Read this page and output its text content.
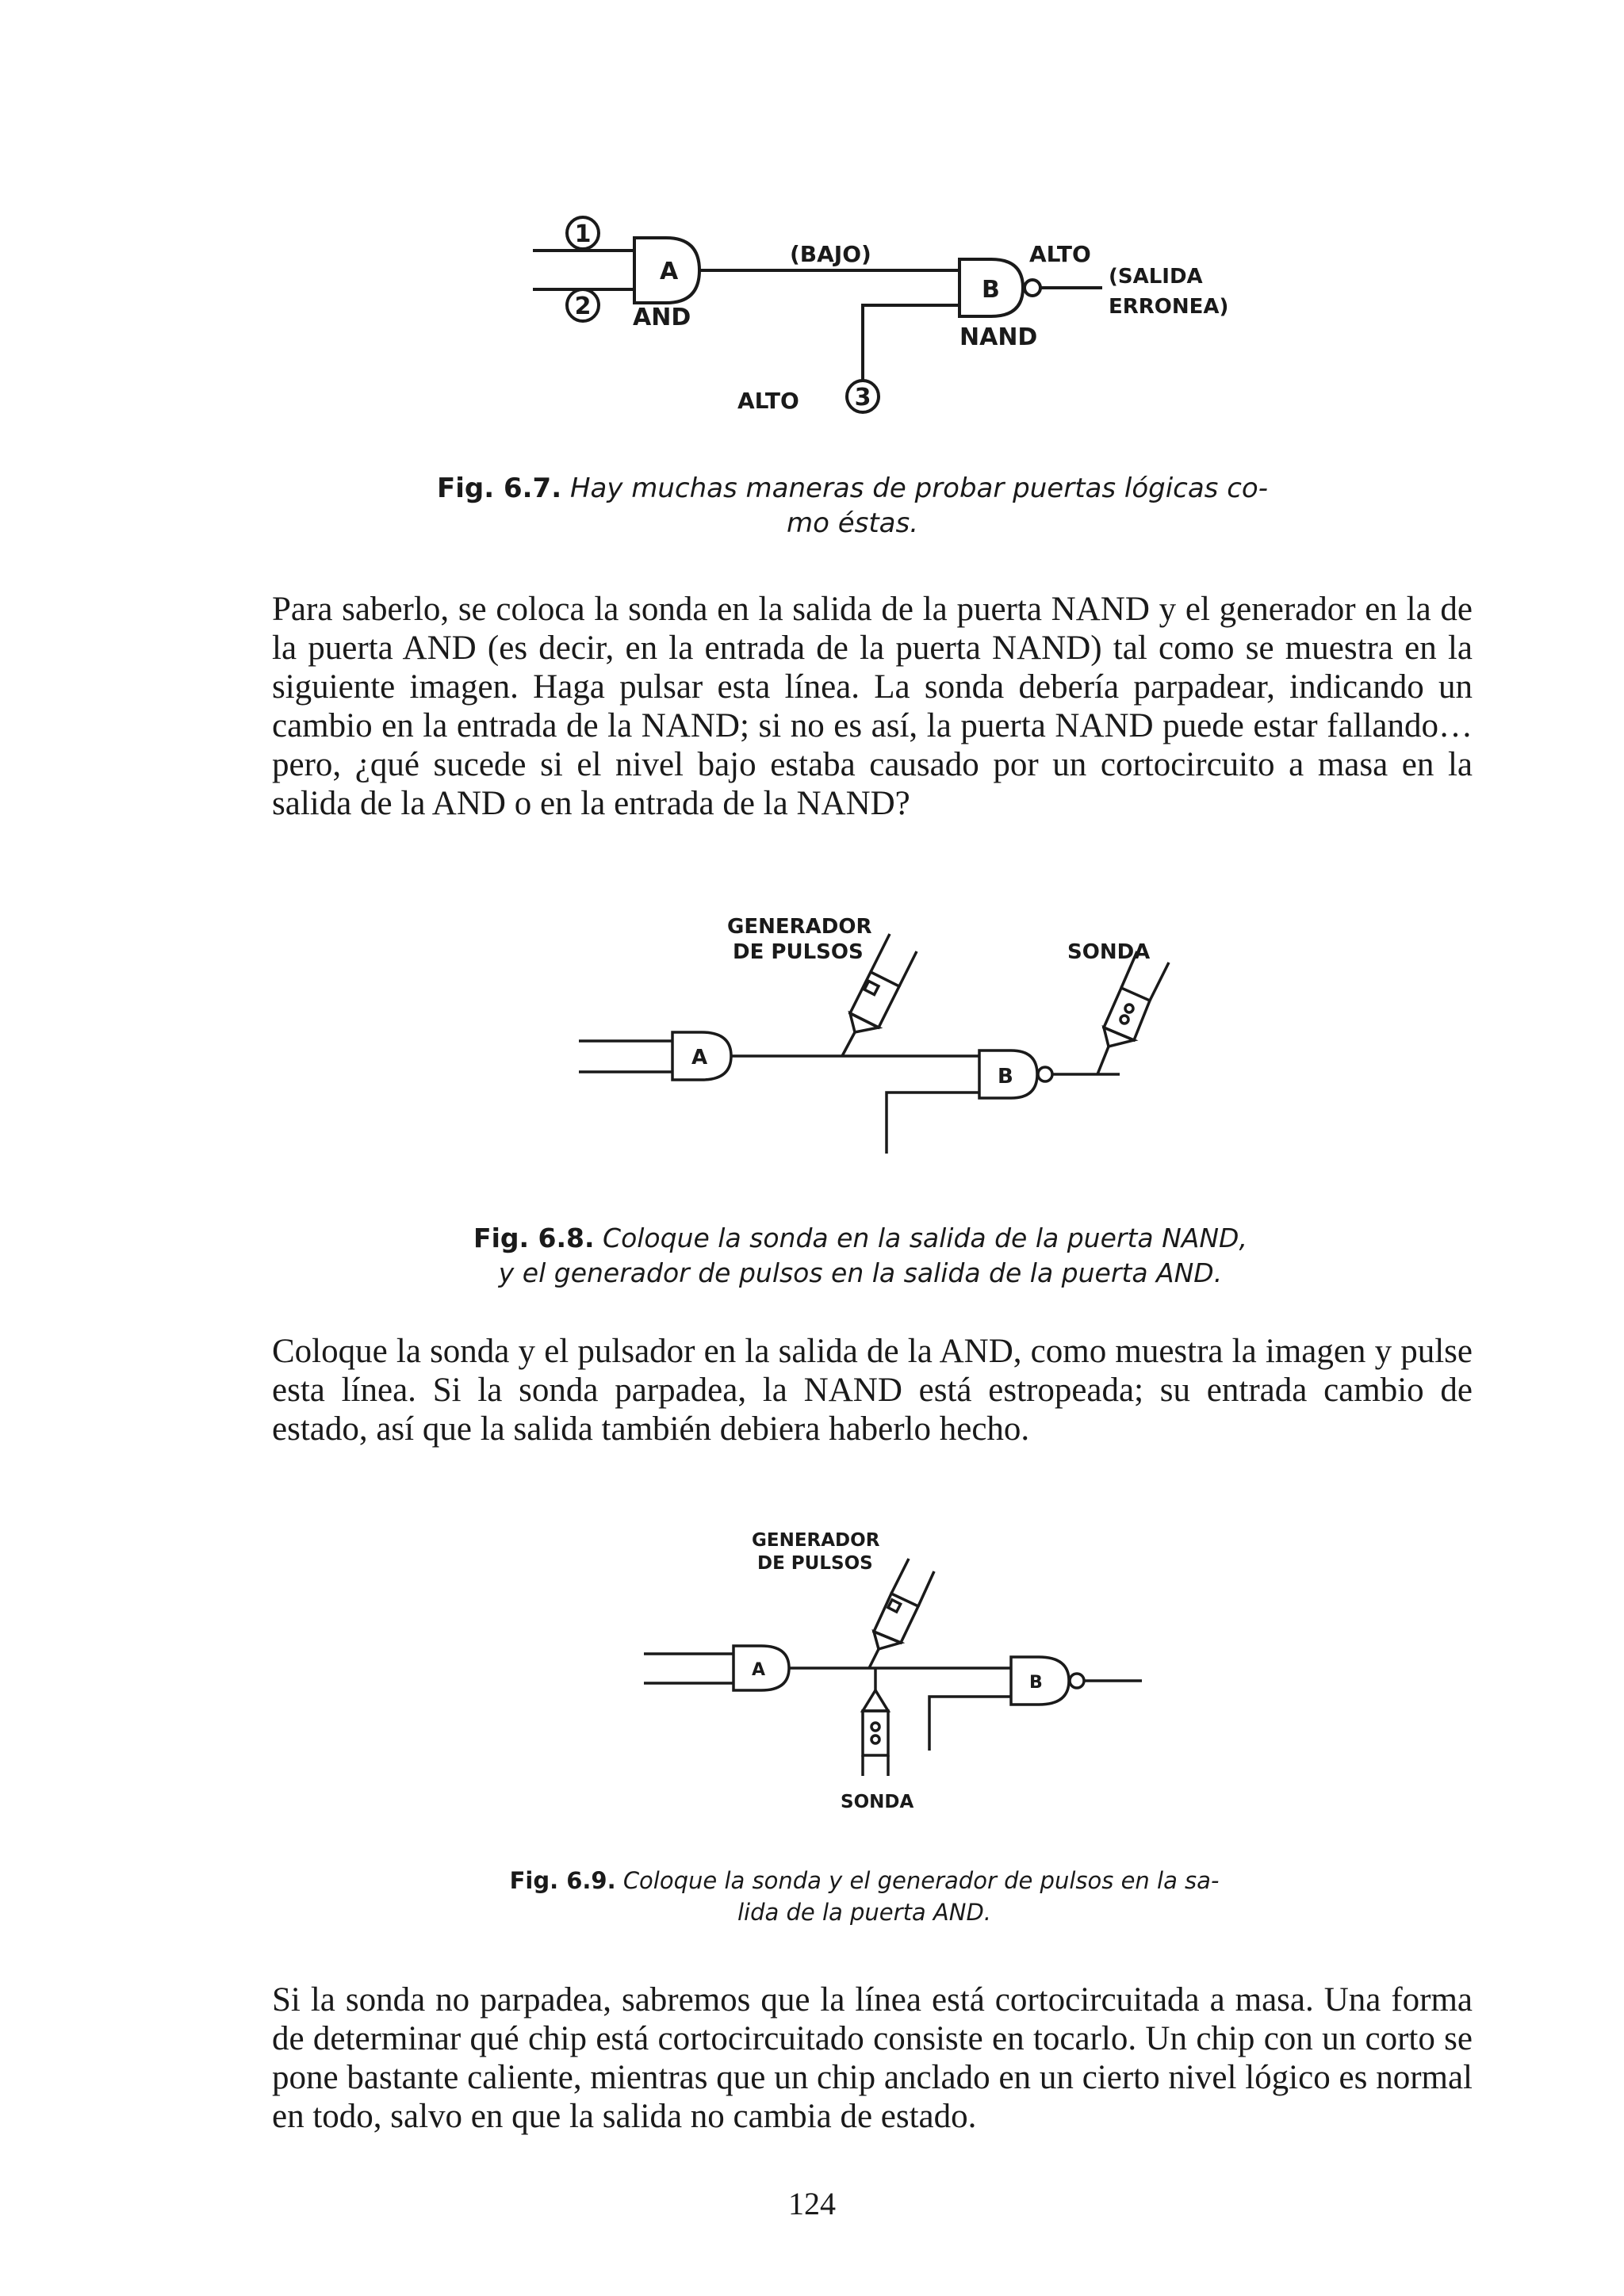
1
2
A
AND
(BAJO)
3
ALTO
B
NAND
ALTO
(SALIDA
ERRONEA)
Fig. 6.7. Hay muchas maneras de probar puertas lógicas co-
mo éstas.

Para saberlo, se coloca la sonda en la salida de la puerta NAND y el generador en la de la puerta AND (es decir, en la entrada de la puerta NAND) tal como se muestra en la siguiente imagen. Haga pulsar esta línea. La sonda debería parpadear, indicando un cambio en la entrada de la NAND; si no es así, la puerta NAND puede estar fallando… pero, ¿qué sucede si el nivel bajo estaba causado por un cortocircuito a masa en la salida de la AND o en la entrada de la NAND?

A
B
GENERADOR
DE PULSOS	SONDA
Fig. 6.8. Coloque la sonda en la salida de la puerta NAND,
y el generador de pulsos en la salida de la puerta AND.

Coloque la sonda y el pulsador en la salida de la AND, como muestra la imagen y pulse esta línea. Si la sonda parpadea, la NAND está estropeada; su entrada cambio de estado, así que la salida también debiera haberlo hecho.

A
B
GENERADOR
DE PULSOS
SONDA
Fig. 6.9. Coloque la sonda y el generador de pulsos en la sa-
lida de la puerta AND.

Si la sonda no parpadea, sabremos que la línea está cortocircuitada a masa. Una forma de determinar qué chip está cortocircuitado consiste en tocarlo. Un chip con un corto se pone bastante caliente, mientras que un chip anclado en un cierto nivel lógico es normal en todo, salvo en que la salida no cambia de estado.

124
